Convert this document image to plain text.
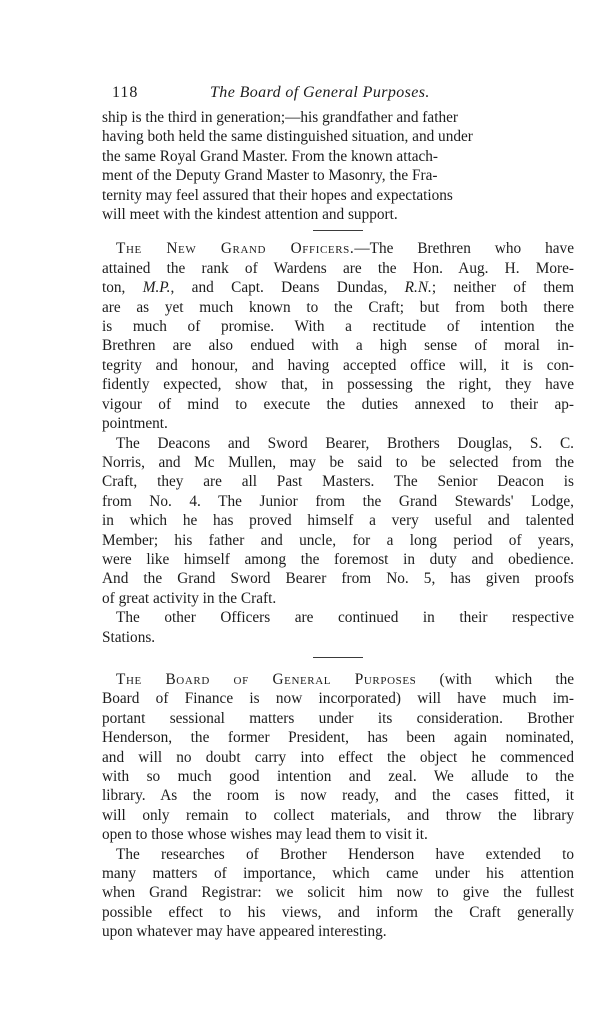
118	The Board of General Purposes.

ship is the third in generation;—his grandfather and father
having both held the same distinguished situation, and under
the same Royal Grand Master. From the known attach-
ment of the Deputy Grand Master to Masonry, the Fra-
ternity may feel assured that their hopes and expectations
will meet with the kindest attention and support.

The New Grand Officers.—The Brethren who have
attained the rank of Wardens are the Hon. Aug. H. More-
ton, M.P., and Capt. Deans Dundas, R.N.; neither of them
are as yet much known to the Craft; but from both there
is much of promise. With a rectitude of intention the
Brethren are also endued with a high sense of moral in-
tegrity and honour, and having accepted office will, it is con-
fidently expected, show that, in possessing the right, they have
vigour of mind to execute the duties annexed to their ap-
pointment.

The Deacons and Sword Bearer, Brothers Douglas, S. C.
Norris, and Mc Mullen, may be said to be selected from the
Craft, they are all Past Masters. The Senior Deacon is
from No. 4. The Junior from the Grand Stewards' Lodge,
in which he has proved himself a very useful and talented
Member; his father and uncle, for a long period of years,
were like himself among the foremost in duty and obedience.
And the Grand Sword Bearer from No. 5, has given proofs
of great activity in the Craft.

The other Officers are continued in their respective
Stations.

The Board of General Purposes (with which the
Board of Finance is now incorporated) will have much im-
portant sessional matters under its consideration. Brother
Henderson, the former President, has been again nominated,
and will no doubt carry into effect the object he commenced
with so much good intention and zeal. We allude to the
library. As the room is now ready, and the cases fitted, it
will only remain to collect materials, and throw the library
open to those whose wishes may lead them to visit it.

The researches of Brother Henderson have extended to
many matters of importance, which came under his attention
when Grand Registrar: we solicit him now to give the fullest
possible effect to his views, and inform the Craft generally
upon whatever may have appeared interesting.
